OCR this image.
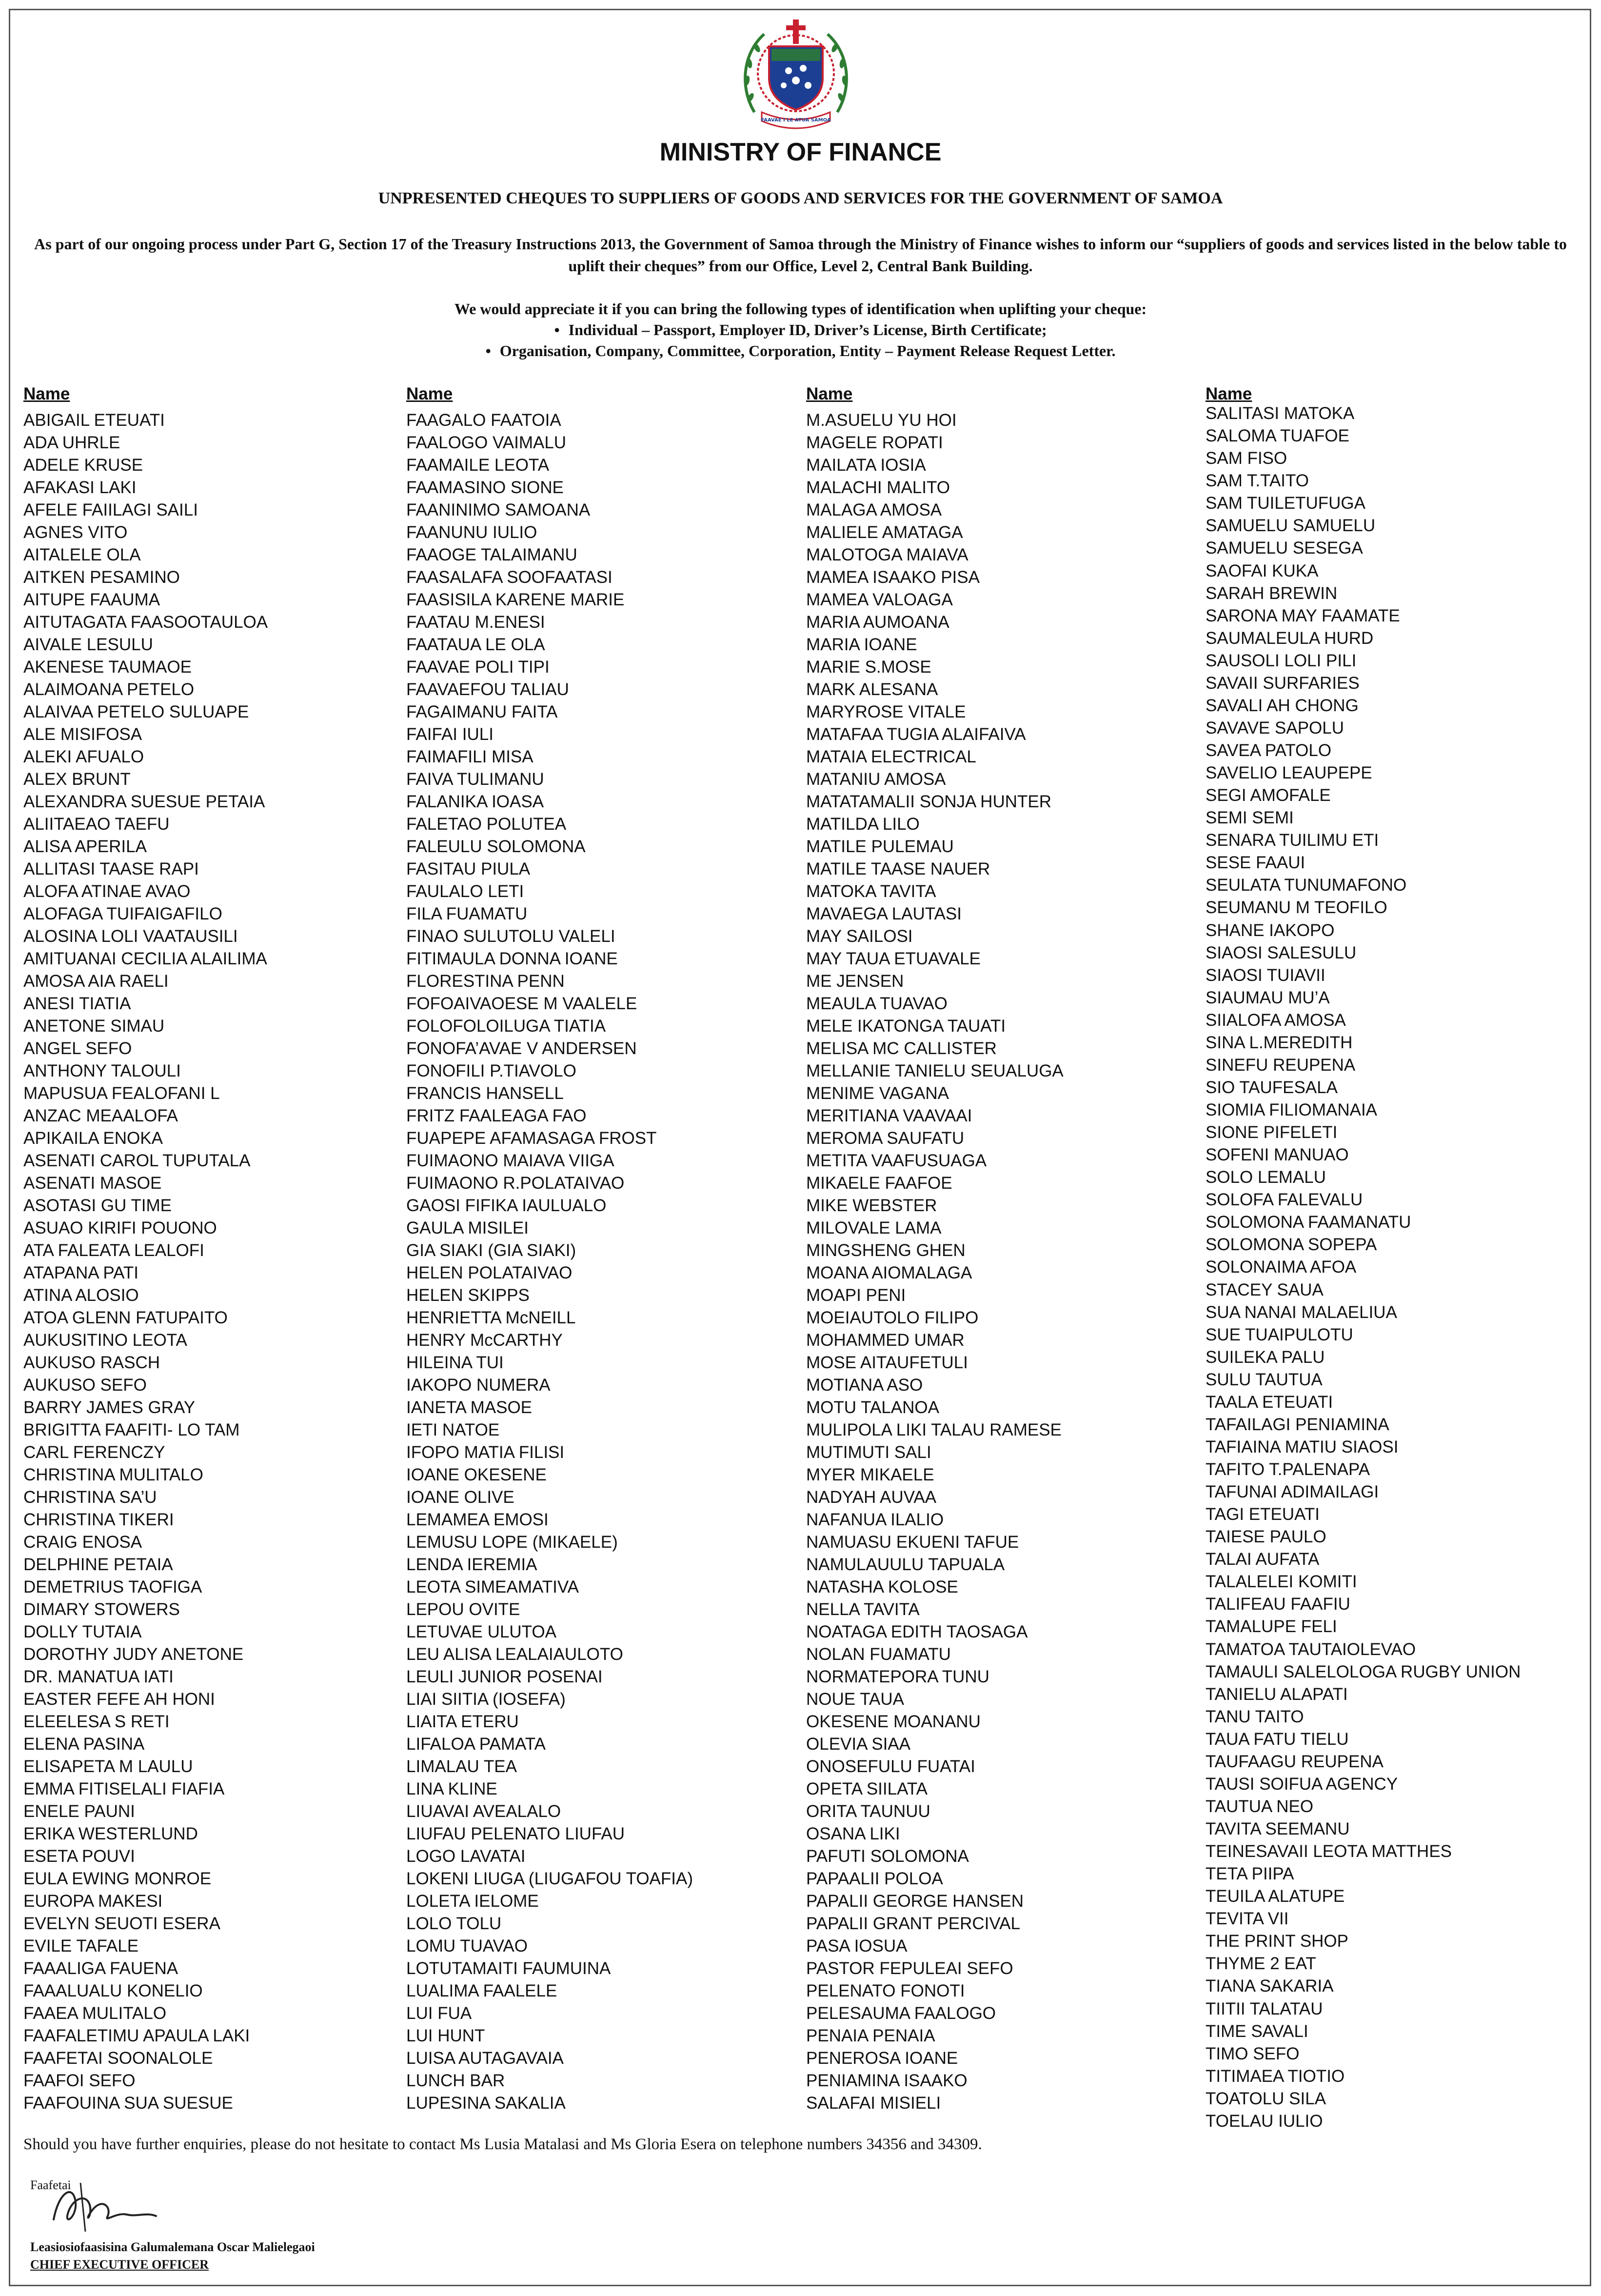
FAAVAE I LE ATUA SAMOA
MINISTRY OF FINANCE
UNPRESENTED CHEQUES TO SUPPLIERS OF GOODS AND SERVICES FOR THE GOVERNMENT OF SAMOA
As part of our ongoing process under Part G, Section 17 of the Treasury Instructions 2013, the Government of Samoa through the Ministry of Finance wishes to inform our “suppliers of goods and services listed in the below table to uplift their cheques” from our Office, Level 2, Central Bank Building.
We would appreciate it if you can bring the following types of identification when uplifting your cheque:
• Individual – Passport, Employer ID, Driver’s License, Birth Certificate;
• Organisation, Company, Committee, Corporation, Entity – Payment Release Request Letter.
Name
ABIGAIL ETEUATI
ADA UHRLE
ADELE KRUSE
AFAKASI LAKI
AFELE FAIILAGI SAILI
AGNES VITO
AITALELE OLA
AITKEN PESAMINO
AITUPE FAAUMA
AITUTAGATA FAASOOTAULOA
AIVALE LESULU
AKENESE TAUMAOE
ALAIMOANA PETELO
ALAIVAA PETELO SULUAPE
ALE MISIFOSA
ALEKI AFUALO
ALEX BRUNT
ALEXANDRA SUESUE PETAIA
ALIITAEAO TAEFU
ALISA APERILA
ALLITASI TAASE RAPI
ALOFA ATINAE AVAO
ALOFAGA TUIFAIGAFILO
ALOSINA LOLI VAATAUSILI
AMITUANAI CECILIA ALAILIMA
AMOSA AIA RAELI
ANESI TIATIA
ANETONE SIMAU
ANGEL SEFO
ANTHONY TALOULI
MAPUSUA FEALOFANI L
ANZAC MEAALOFA
APIKAILA ENOKA
ASENATI CAROL TUPUTALA
ASENATI MASOE
ASOTASI GU TIME
ASUAO KIRIFI POUONO
ATA FALEATA LEALOFI
ATAPANA PATI
ATINA ALOSIO
ATOA GLENN FATUPAITO
AUKUSITINO LEOTA
AUKUSO RASCH
AUKUSO SEFO
BARRY JAMES GRAY
BRIGITTA FAAFITI- LO TAM
CARL FERENCZY
CHRISTINA MULITALO
CHRISTINA SA’U
CHRISTINA TIKERI
CRAIG ENOSA
DELPHINE PETAIA
DEMETRIUS TAOFIGA
DIMARY STOWERS
DOLLY TUTAIA
DOROTHY JUDY ANETONE
DR. MANATUA IATI
EASTER FEFE AH HONI
ELEELESA S RETI
ELENA PASINA
ELISAPETA M LAULU
EMMA FITISELALI FIAFIA
ENELE PAUNI
ERIKA WESTERLUND
ESETA POUVI
EULA EWING MONROE
EUROPA MAKESI
EVELYN SEUOTI ESERA
EVILE TAFALE
FAAALIGA FAUENA
FAAALUALU KONELIO
FAAEA MULITALO
FAAFALETIMU APAULA LAKI
FAAFETAI SOONALOLE
FAAFOI SEFO
FAAFOUINA SUA SUESUE
Name
FAAGALO FAATOIA
FAALOGO VAIMALU
FAAMAILE LEOTA
FAAMASINO SIONE
FAANINIMO SAMOANA
FAANUNU IULIO
FAAOGE TALAIMANU
FAASALAFA SOOFAATASI
FAASISILA KARENE MARIE
FAATAU M.ENESI
FAATAUA LE OLA
FAAVAE POLI TIPI
FAAVAEFOU TALIAU
FAGAIMANU FAITA
FAIFAI IULI
FAIMAFILI MISA
FAIVA TULIMANU
FALANIKA IOASA
FALETAO POLUTEA
FALEULU SOLOMONA
FASITAU PIULA
FAULALO LETI
FILA FUAMATU
FINAO SULUTOLU VALELI
FITIMAULA DONNA IOANE
FLORESTINA PENN
FOFOAIVAOESE M VAALELE
FOLOFOLOILUGA TIATIA
FONOFA’AVAE V ANDERSEN
FONOFILI P.TIAVOLO
FRANCIS HANSELL
FRITZ FAALEAGA FAO
FUAPEPE AFAMASAGA FROST
FUIMAONO MAIAVA VIIGA
FUIMAONO R.POLATAIVAO
GAOSI FIFIKA IAULUALO
GAULA MISILEI
GIA SIAKI (GIA SIAKI)
HELEN POLATAIVAO
HELEN SKIPPS
HENRIETTA McNEILL
HENRY McCARTHY
HILEINA TUI
IAKOPO NUMERA
IANETA MASOE
IETI NATOE
IFOPO MATIA FILISI
IOANE OKESENE
IOANE OLIVE
LEMAMEA EMOSI
LEMUSU LOPE (MIKAELE)
LENDA IEREMIA
LEOTA SIMEAMATIVA
LEPOU OVITE
LETUVAE ULUTOA
LEU ALISA LEALAIAULOTO
LEULI JUNIOR POSENAI
LIAI SIITIA (IOSEFA)
LIAITA ETERU
LIFALOA PAMATA
LIMALAU TEA
LINA KLINE
LIUAVAI AVEALALO
LIUFAU PELENATO LIUFAU
LOGO LAVATAI
LOKENI LIUGA (LIUGAFOU TOAFIA)
LOLETA IELOME
LOLO TOLU
LOMU TUAVAO
LOTUTAMAITI FAUMUINA
LUALIMA FAALELE
LUI FUA
LUI HUNT
LUISA AUTAGAVAIA
LUNCH BAR
LUPESINA SAKALIA
Name
M.ASUELU YU HOI
MAGELE ROPATI
MAILATA IOSIA
MALACHI MALITO
MALAGA AMOSA
MALIELE AMATAGA
MALOTOGA MAIAVA
MAMEA ISAAKO PISA
MAMEA VALOAGA
MARIA AUMOANA
MARIA IOANE
MARIE S.MOSE
MARK ALESANA
MARYROSE VITALE
MATAFAA TUGIA ALAIFAIVA
MATAIA ELECTRICAL
MATANIU AMOSA
MATATAMALII SONJA HUNTER
MATILDA LILO
MATILE PULEMAU
MATILE TAASE NAUER
MATOKA TAVITA
MAVAEGA LAUTASI
MAY SAILOSI
MAY TAUA ETUAVALE
ME JENSEN
MEAULA TUAVAO
MELE IKATONGA TAUATI
MELISA MC CALLISTER
MELLANIE TANIELU SEUALUGA
MENIME VAGANA
MERITIANA VAAVAAI
MEROMA SAUFATU
METITA VAAFUSUAGA
MIKAELE FAAFOE
MIKE WEBSTER
MILOVALE LAMA
MINGSHENG GHEN
MOANA AIOMALAGA
MOAPI PENI
MOEIAUTOLO FILIPO
MOHAMMED UMAR
MOSE AITAUFETULI
MOTIANA ASO
MOTU TALANOA
MULIPOLA LIKI TALAU RAMESE
MUTIMUTI SALI
MYER MIKAELE
NADYAH AUVAA
NAFANUA ILALIO
NAMUASU EKUENI TAFUE
NAMULAUULU TAPUALA
NATASHA KOLOSE
NELLA TAVITA
NOATAGA EDITH TAOSAGA
NOLAN FUAMATU
NORMATEPORA TUNU
NOUE TAUA
OKESENE MOANANU
OLEVIA SIAA
ONOSEFULU FUATAI
OPETA SIILATA
ORITA TAUNUU
OSANA LIKI
PAFUTI SOLOMONA
PAPAALII POLOA
PAPALII GEORGE HANSEN
PAPALII GRANT PERCIVAL
PASA IOSUA
PASTOR FEPULEAI SEFO
PELENATO FONOTI
PELESAUMA FAALOGO
PENAIA PENAIA
PENEROSA IOANE
PENIAMINA ISAAKO
SALAFAI MISIELI
Name
SALITASI MATOKA
SALOMA TUAFOE
SAM FISO
SAM T.TAITO
SAM TUILETUFUGA
SAMUELU SAMUELU
SAMUELU SESEGA
SAOFAI KUKA
SARAH BREWIN
SARONA MAY FAAMATE
SAUMALEULA HURD
SAUSOLI LOLI PILI
SAVAII SURFARIES
SAVALI AH CHONG
SAVAVE SAPOLU
SAVEA PATOLO
SAVELIO LEAUPEPE
SEGI AMOFALE
SEMI SEMI
SENARA TUILIMU ETI
SESE FAAUI
SEULATA TUNUMAFONO
SEUMANU M TEOFILO
SHANE IAKOPO
SIAOSI SALESULU
SIAOSI TUIAVII
SIAUMAU MU’A
SIIALOFA AMOSA
SINA L.MEREDITH
SINEFU REUPENA
SIO TAUFESALA
SIOMIA FILIOMANAIA
SIONE PIFELETI
SOFENI MANUAO
SOLO LEMALU
SOLOFA FALEVALU
SOLOMONA FAAMANATU
SOLOMONA SOPEPA
SOLONAIMA AFOA
STACEY SAUA
SUA NANAI MALAELIUA
SUE TUAIPULOTU
SUILEKA PALU
SULU TAUTUA
TAALA ETEUATI
TAFAILAGI PENIAMINA
TAFIAINA MATIU SIAOSI
TAFITO T.PALENAPA
TAFUNAI ADIMAILAGI
TAGI ETEUATI
TAIESE PAULO
TALAI AUFATA
TALALELEI KOMITI
TALIFEAU FAAFIU
TAMALUPE FELI
TAMATOA TAUTAIOLEVAO
TAMAULI SALELOLOGA RUGBY UNION
TANIELU ALAPATI
TANU TAITO
TAUA FATU TIELU
TAUFAAGU REUPENA
TAUSI SOIFUA AGENCY
TAUTUA NEO
TAVITA SEEMANU
TEINESAVAII LEOTA MATTHES
TETA PIIPA
TEUILA ALATUPE
TEVITA VII
THE PRINT SHOP
THYME 2 EAT
TIANA SAKARIA
TIITII TALATAU
TIME SAVALI
TIMO SEFO
TITIMAEA TIOTIO
TOATOLU SILA
TOELAU IULIO
Should you have further enquiries, please do not hesitate to contact Ms Lusia Matalasi and Ms Gloria Esera on telephone numbers 34356 and 34309.
Faafetai
Leasiosiofaasisina Galumalemana Oscar Malielegaoi
CHIEF EXECUTIVE OFFICER
